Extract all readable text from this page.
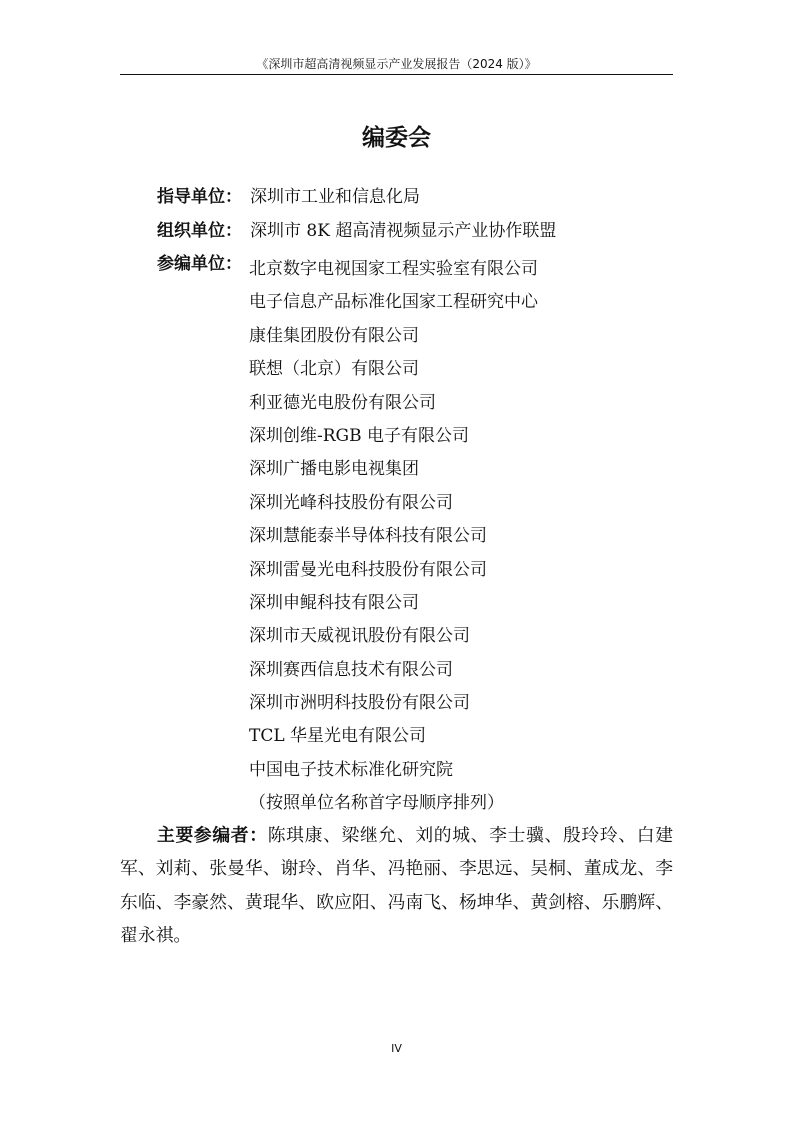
《深圳市超高清视频显示产业发展报告（2024 版）》
编委会
指导单位： 深圳市工业和信息化局
组织单位： 深圳市 8K 超高清视频显示产业协作联盟
参编单位： 北京数字电视国家工程实验室有限公司
电子信息产品标准化国家工程研究中心
康佳集团股份有限公司
联想（北京）有限公司
利亚德光电股份有限公司
深圳创维-RGB 电子有限公司
深圳广播电影电视集团
深圳光峰科技股份有限公司
深圳慧能泰半导体科技有限公司
深圳雷曼光电科技股份有限公司
深圳申鲲科技有限公司
深圳市天威视讯股份有限公司
深圳赛西信息技术有限公司
深圳市洲明科技股份有限公司
TCL 华星光电有限公司
中国电子技术标准化研究院
（按照单位名称首字母顺序排列）

主要参编者：陈琪康、梁继允、刘的城、李士骥、殷玲玲、白建军、刘莉、张曼华、谢玲、肖华、冯艳丽、李思远、吴桐、董成龙、李东临、李豪然、黄琨华、欧应阳、冯南飞、杨坤华、黄剑榕、乐鹏辉、翟永祺。

IV
